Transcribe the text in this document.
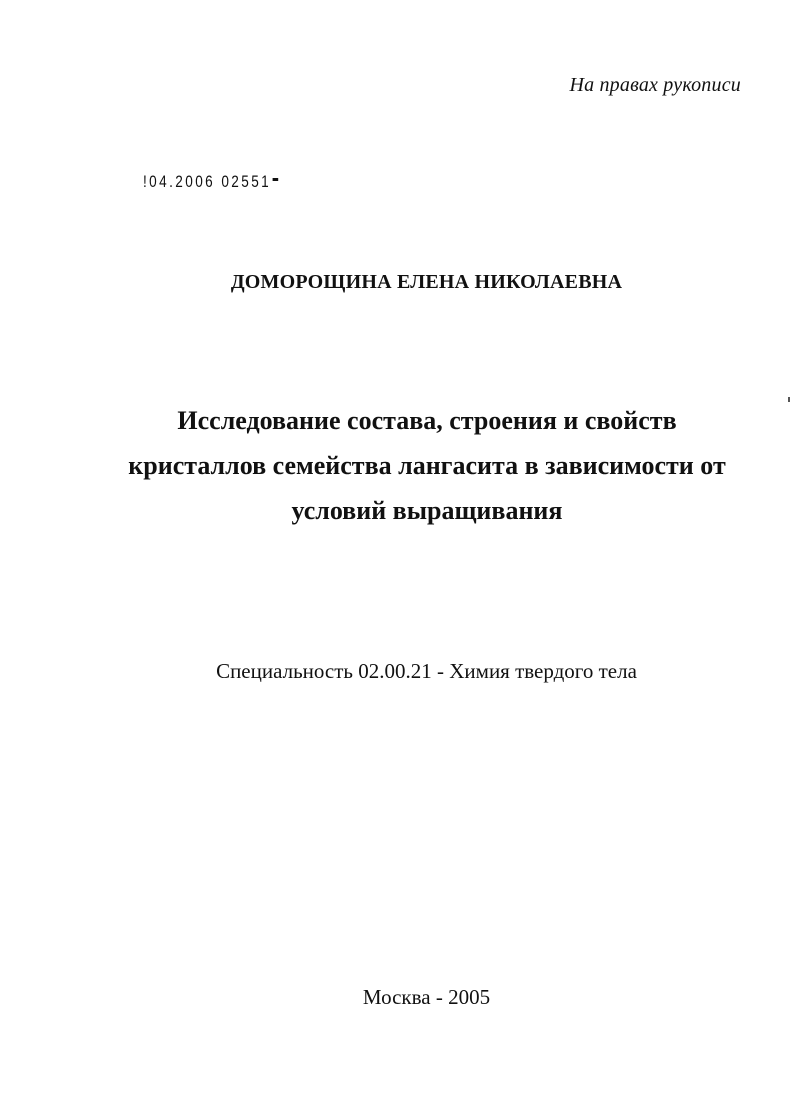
На правах рукописи
!04.2006 02551
ДОМОРОЩИНА ЕЛЕНА НИКОЛАЕВНА
Исследование состава, строения и свойств
кристаллов семейства лангасита в зависимости от
условий выращивания
Специальность 02.00.21 - Химия твердого тела
Москва - 2005
